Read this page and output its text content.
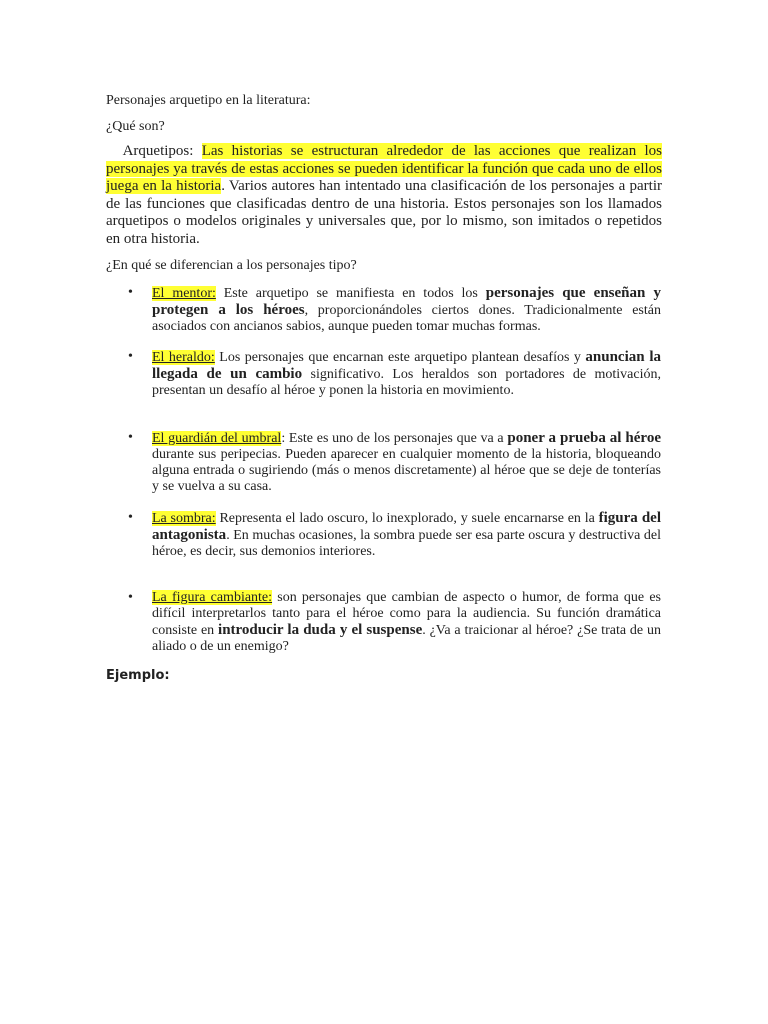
Personajes arquetipo en la literatura:

¿Qué son?

Arquetipos: Las historias se estructuran alrededor de las acciones que realizan los personajes ya través de estas acciones se pueden identificar la función que cada uno de ellos juega en la historia. Varios autores han intentado una clasificación de los personajes a partir de las funciones que clasificadas dentro de una historia. Estos personajes son los llamados arquetipos o modelos originales y universales que, por lo mismo, son imitados o repetidos en otra historia.

¿En qué se diferencian a los personajes tipo?

• El mentor: Este arquetipo se manifiesta en todos los personajes que enseñan y protegen a los héroes, proporcionándoles ciertos dones. Tradicionalmente están asociados con ancianos sabios, aunque pueden tomar muchas formas.
• El heraldo: Los personajes que encarnan este arquetipo plantean desafíos y anuncian la llegada de un cambio significativo. Los heraldos son portadores de motivación, presentan un desafío al héroe y ponen la historia en movimiento.
• El guardián del umbral: Este es uno de los personajes que va a poner a prueba al héroe durante sus peripecias. Pueden aparecer en cualquier momento de la historia, bloqueando alguna entrada o sugiriendo (más o menos discretamente) al héroe que se deje de tonterías y se vuelva a su casa.
• La sombra: Representa el lado oscuro, lo inexplorado, y suele encarnarse en la figura del antagonista. En muchas ocasiones, la sombra puede ser esa parte oscura y destructiva del héroe, es decir, sus demonios interiores.
• La figura cambiante: son personajes que cambian de aspecto o humor, de forma que es difícil interpretarlos tanto para el héroe como para la audiencia. Su función dramática consiste en introducir la duda y el suspense. ¿Va a traicionar al héroe? ¿Se trata de un aliado o de un enemigo?

Ejemplo:
